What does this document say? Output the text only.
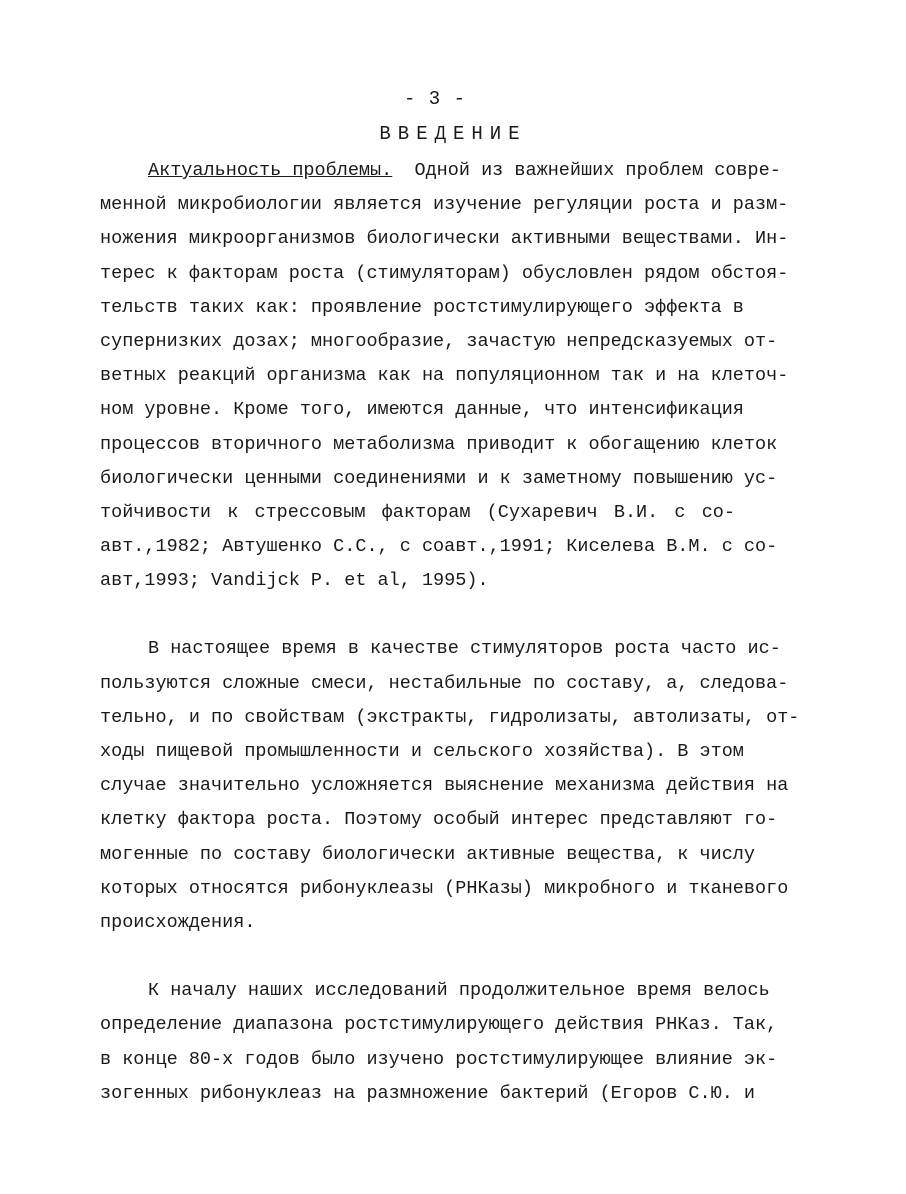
- 3 -
ВВЕДЕНИЕ
Актуальность проблемы. Одной из важнейших проблем совре-
менной микробиологии является изучение регуляции роста и разм-
ножения микроорганизмов биологически активными веществами. Ин-
терес к факторам роста (стимуляторам) обусловлен рядом обстоя-
тельств таких как: проявление ростстимулирующего эффекта в
супернизких дозах; многообразие, зачастую непредсказуемых от-
ветных реакций организма как на популяционном так и на клеточ-
ном уровне. Кроме того, имеются данные, что интенсификация
процессов вторичного метаболизма приводит к обогащению клеток
биологически ценными соединениями и к заметному повышению ус-
тойчивости к стрессовым факторам (Сухаревич В.И. с со-
авт.,1982; Автушенко С.С., с соавт.,1991; Киселева В.М. с со-
авт,1993; Vandijck P. et al, 1995).
В настоящее время в качестве стимуляторов роста часто ис-
пользуются сложные смеси, нестабильные по составу, а, следова-
тельно, и по свойствам (экстракты, гидролизаты, автолизаты, от-
ходы пищевой промышленности и сельского хозяйства). В этом
случае значительно усложняется выяснение механизма действия на
клетку фактора роста. Поэтому особый интерес представляют го-
могенные по составу биологически активные вещества, к числу
которых относятся рибонуклеазы (РНКазы) микробного и тканевого
происхождения.
К началу наших исследований продолжительное время велось
определение диапазона ростстимулирующего действия РНКаз. Так,
в конце 80-х годов было изучено ростстимулирующее влияние эк-
зогенных рибонуклеаз на размножение бактерий (Егоров С.Ю. и
